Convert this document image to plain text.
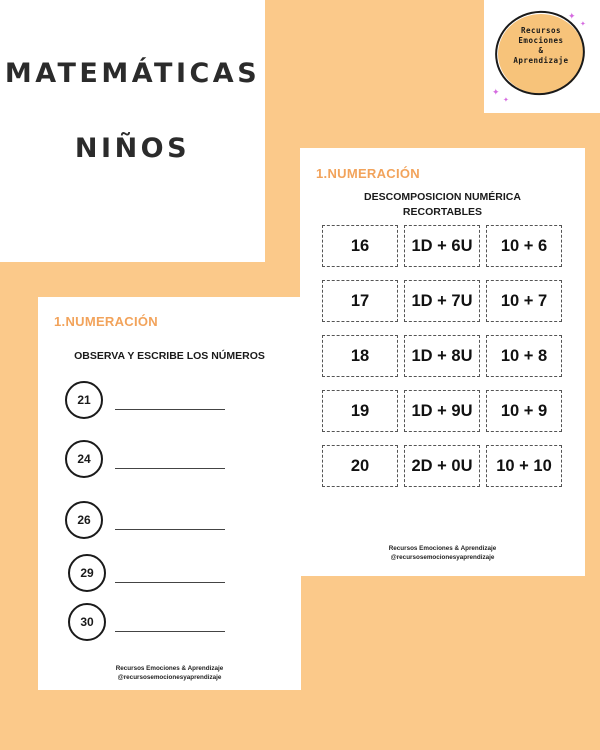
MATEMÁTICAS
NIÑOS
Recursos
Emociones
&
Aprendizaje
✦
✦
✦
✦
1.NUMERACIÓN
DESCOMPOSICION NUMÉRICA
RECORTABLES
16	1D + 6U	10 + 6
17	1D + 7U	10 + 7
18	1D + 8U	10 + 8
19	1D + 9U	10 + 9
20	2D + 0U	10 + 10
Recursos Emociones & Aprendizaje
@recursosemocionesyaprendizaje
1.NUMERACIÓN
OBSERVA Y ESCRIBE LOS NÚMEROS
21
24
26
29
30
Recursos Emociones & Aprendizaje
@recursosemocionesyaprendizaje
